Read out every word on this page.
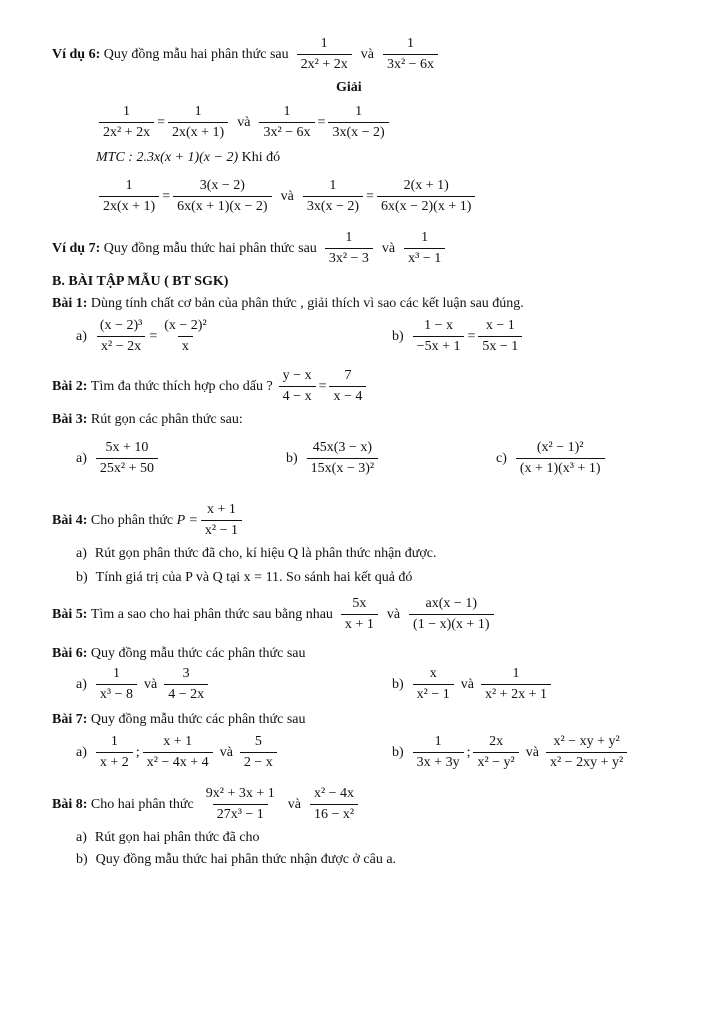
Ví dụ 6:
Quy đồng mẫu hai phân thức sau $\frac{1}{\text{2x² + 2x}}$ và $\frac{1}{\text{3x² − 6x}}$
Giải
$\frac{1}{\text{2x² + 2x}} = \frac{1}{2x(x + 1)}$ và $\frac{1}{\text{3x² − 6x}} = \frac{1}{3x(x - 2)}$
MTC : 2.3x(x + 1)(x − 2)
Khi đó
$\frac{1}{2x(x + 1)} = \frac{3(x - 2)}{6x(x + 1)(x - 2)}$ và $\frac{1}{3x(x - 2)} = \frac{2(x + 1)}{6x(x - 2)(x + 1)}$
Ví dụ 7:
Quy đồng mẫu thức hai phân thức sau $\frac{1}{\text{3x² − 3}}$ và $\frac{1}{\text{x³ − 1}}$
B. BÀI TẬP MẪU ( BT SGK)
Bài 1:
Dùng tính chất cơ bản của phân thức , giải thích vì sao các kết luận sau đúng.
$a) \frac{\text{(x − 2)³}}{\text{x² − 2x}} = \frac{\text{(x − 2)²}}{x}$	$b) \frac{1 - x}{-5x + 1} = \frac{x - 1}{5x - 1}$
Bài 2:
Tìm đa thức thích hợp cho dấu ? $\frac{y - x}{4 - x} = \frac{7}{x - 4}$
Bài 3:
Rút gọn các phân thức sau:
$a) \frac{5x + 10}{\text{25x² + 50}}$	$b) \frac{45x(3 - x)}{\text{15x(x − 3)²}}$	$c) \frac{\text{(x² − 1)²}}{\text{(x + 1)(x³ + 1)}}$
Bài 4:
Cho phân thức
$P = \frac{x + 1}{\text{x² − 1}}$
a) Rút gọn phân thức đã cho, kí hiệu Q là phân thức nhận được.
b) Tính giá trị của P và Q tại x = 11. So sánh hai kết quả đó
Bài 5:
Tìm a sao cho hai phân thức sau bằng nhau $\frac{5x}{x + 1}$ và $\frac{ax(x - 1)}{(1 - x)(x + 1)}$
Bài 6:
Quy đồng mẫu thức các phân thức sau
$a) \frac{1}{\text{x³ − 8}}$ và $\frac{3}{4 - 2x}$	$b) \frac{x}{\text{x² − 1}}$ và $\frac{1}{\text{x² + 2x + 1}}$
Bài 7:
Quy đồng mẫu thức các phân thức sau
$a) \frac{1}{x + 2}$ ; $\frac{x + 1}{\text{x² − 4x + 4}}$ và $\frac{5}{2 - x}$	$b) \frac{1}{3x + 3y}$ ; $\frac{2x}{\text{x² − y²}}$ và $\frac{\text{x² − xy + y²}}{\text{x² − 2xy + y²}}$
Bài 8:
Cho hai phân thức $\frac{\text{9x² + 3x + 1}}{\text{27x³ − 1}}$ và $\frac{\text{x² − 4x}}{\text{16 − x²}}$
a) Rút gọn hai phân thức đã cho
b) Quy đồng mẫu thức hai phân thức nhận được ở câu a.
